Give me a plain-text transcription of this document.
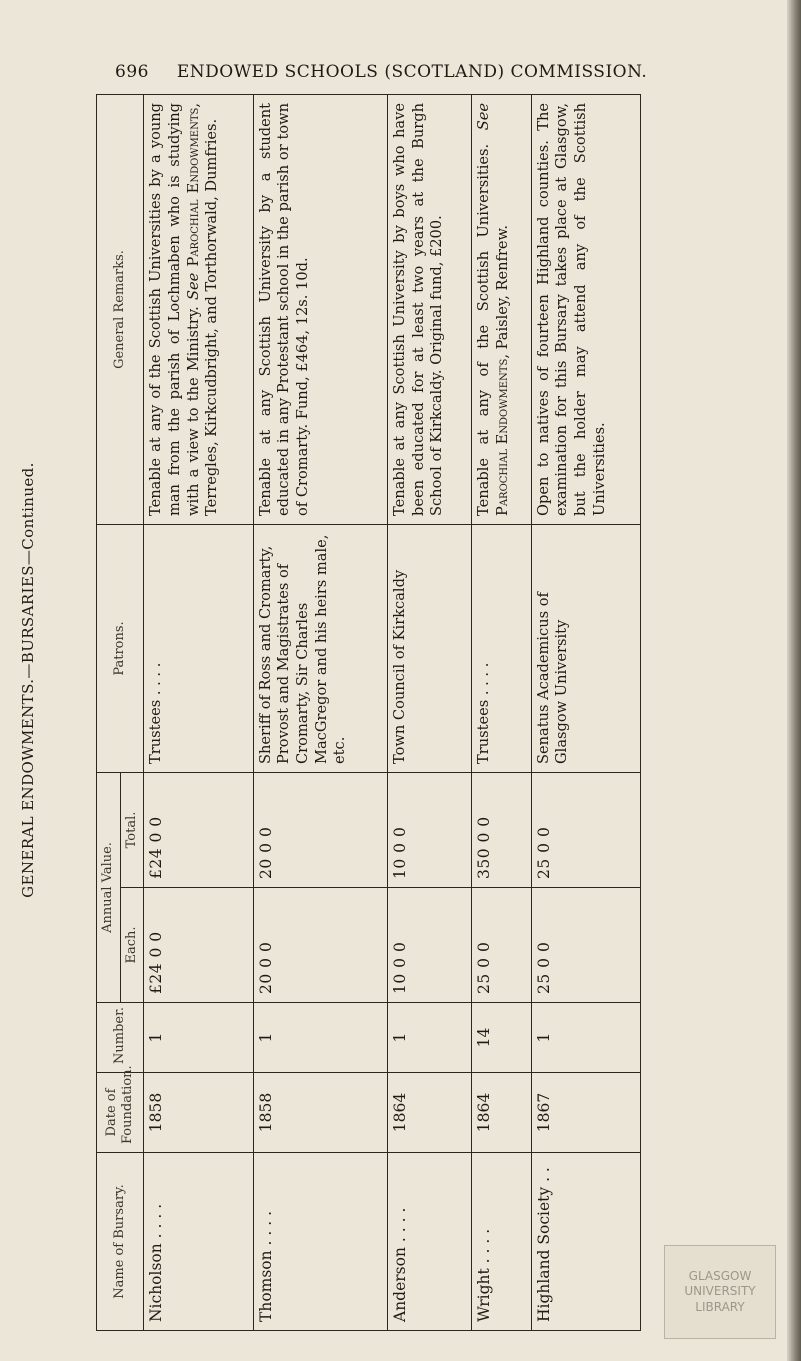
696 ENDOWED SCHOOLS (SCOTLAND) COMMISSION.
GENERAL ENDOWMENTS.—BURSARIES—Continued.
Name of Bursary.	Date of Foundation.	Number.	Annual Value.		Patrons.	General Remarks.
			Each.	Total.		
Nicholson . . . .	1858	1	£24 0 0	£24 0 0	Trustees . . . .	Tenable at any of the Scottish Universities by a young man from the parish of Lochmaben who is studying with a view to the Ministry. See Parochial Endowments, Terregles, Kirkcudbright, and Torthorwald, Dumfries.
Thomson . . . .	1858	1	20 0 0	20 0 0	Sheriff of Ross and Cromarty, Provost and Magistrates of Cromarty, Sir Charles MacGregor and his heirs male, etc.	Tenable at any Scottish University by a student educated in any Protestant school in the parish or town of Cromarty. Fund, £464, 12s. 10d.
Anderson . . . .	1864	1	10 0 0	10 0 0	Town Council of Kirkcaldy	Tenable at any Scottish University by boys who have been educated for at least two years at the Burgh School of Kirkcaldy. Original fund, £200.
Wright . . . .	1864	14	25 0 0	350 0 0	Trustees . . . .	Tenable at any of the Scottish Universities. See Parochial Endowments, Paisley, Renfrew.
Highland Society . .	1867	1	25 0 0	25 0 0	Senatus Academicus of Glasgow University	Open to natives of fourteen Highland counties. The examination for this Bursary takes place at Glasgow, but the holder may attend any of the Scottish Universities.
GLASGOW
UNIVERSITY
LIBRARY
